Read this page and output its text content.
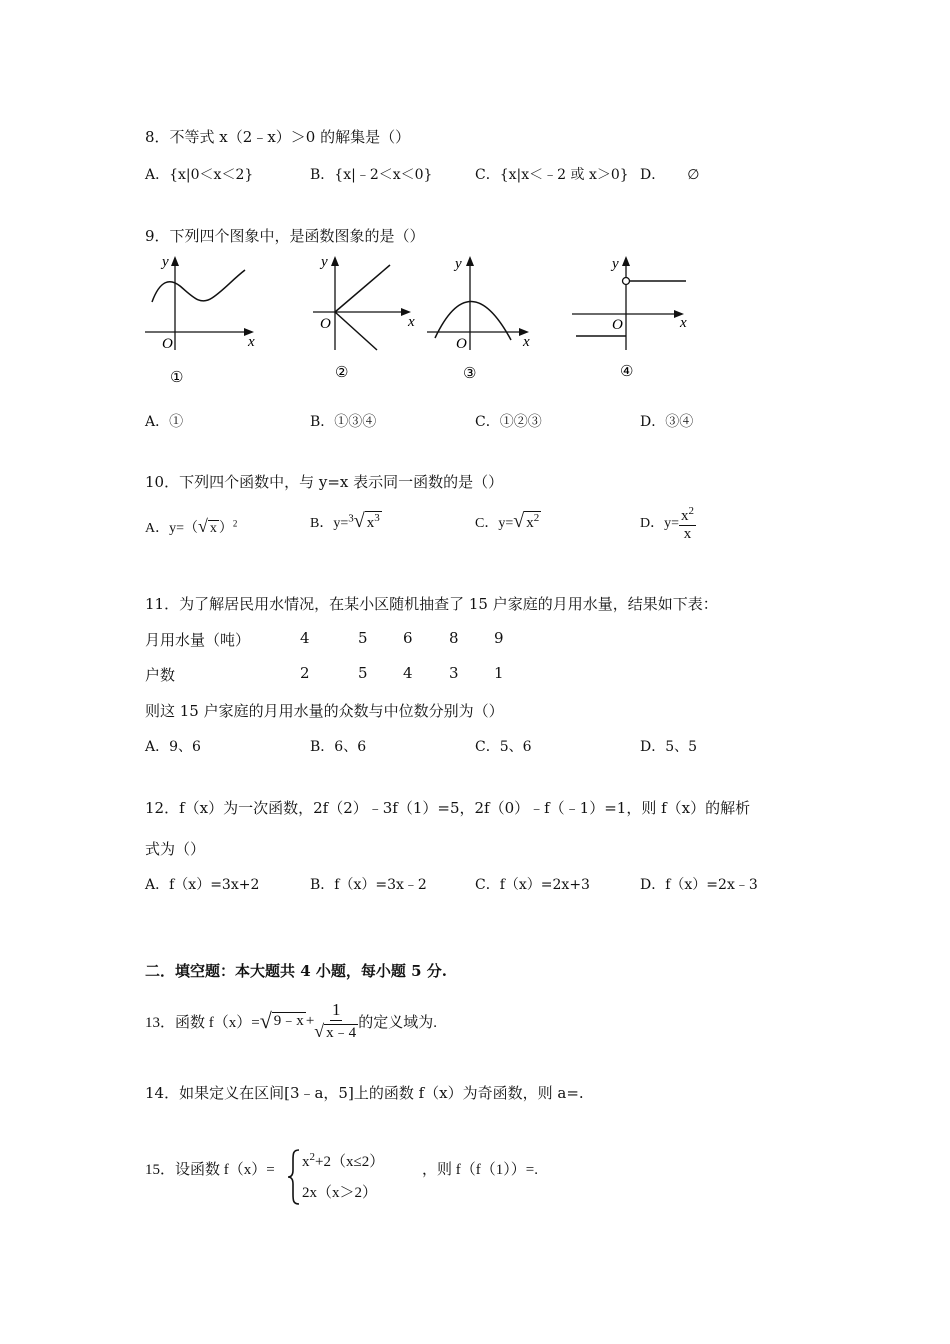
8．不等式 x（2﹣x）＞0 的解集是（）
A．{x|0＜x＜2}	B．{x|﹣2＜x＜0}	C．{x|x＜﹣2 或 x＞0} D． ∅
9．下列四个图象中，是函数图象的是（）
y
x
O
①
y
x
O
②
y
x
O
③
y
x
O
④
A．①	B．①③④	C．①②③	D．③④
10．下列四个函数中，与 y=x 表示同一函数的是（）
A．y=（√ x ）$^2$	B．y=$^3$√ $x^3$	C．y=√ $x^2$	D．$y= \frac{x^2}{x}$
11．为了解居民用水情况，在某小区随机抽查了 15 户家庭的月用水量，结果如下表：
月用水量（吨）	4	5 6 8 9
户数	2	5 4 3 1
则这 15 户家庭的月用水量的众数与中位数分别为（）
A．9、6	B．6、6	C．5、6	D．5、5
12．f（x）为一次函数，2f（2）﹣3f（1）=5，2f（0）﹣f（﹣1）=1，则 f（x）的解析
式为（）
A．f（x）=3x+2	B．f（x）=3x﹣2	C．f（x）=2x+3	D．f（x）=2x﹣3
二．填空题：本大题共 4 小题，每小题 5 分.
13．函数 f（x）= √ 9﹣x + $\frac{1}{√ x﹣4}$ 的定义域为.
14．如果定义在区间[3﹣a，5]上的函数 f（x）为奇函数，则 a=.
15．设函数 $f(x)= x^2+2(x\le 2)$
2x（x＞2）
，则 f（f（1））=.
